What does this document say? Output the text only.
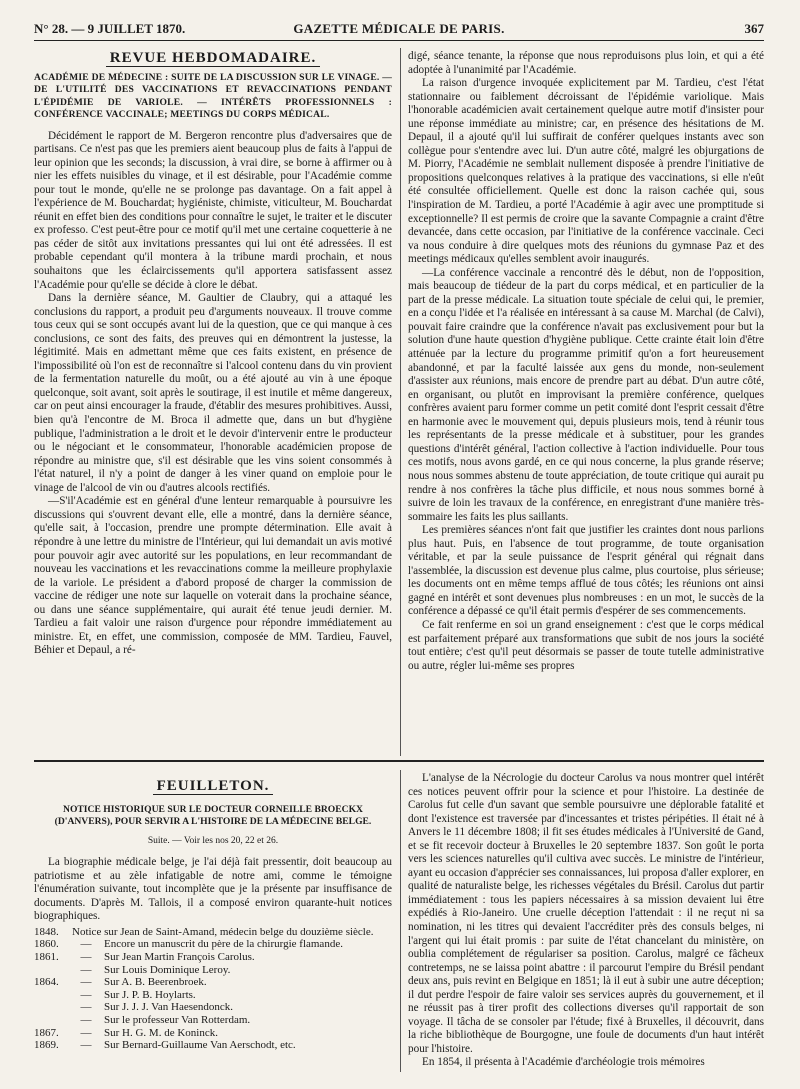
N° 28. — 9 JUILLET 1870.	GAZETTE MÉDICALE DE PARIS.	367
REVUE HEBDOMADAIRE.

ACADÉMIE DE MÉDECINE : SUITE DE LA DISCUSSION SUR LE VINAGE. — DE L'UTILITÉ DES VACCINATIONS ET REVACCINATIONS PENDANT L'ÉPIDÉMIE DE VARIOLE. — INTÉRÊTS PROFESSIONNELS : CONFÉRENCE VACCINALE; MEETINGS DU CORPS MÉDICAL.

Décidément le rapport de M. Bergeron rencontre plus d'adversaires que de partisans. Ce n'est pas que les premiers aient beaucoup plus de faits à l'appui de leur opinion que les seconds; la discussion, à vrai dire, se borne à affirmer ou à nier les effets nuisibles du vinage, et il est désirable, pour l'Académie comme pour tout le monde, qu'elle ne se prolonge pas davantage. On a fait appel à l'expérience de M. Bouchardat; hygiéniste, chimiste, viticulteur, M. Bouchardat réunit en effet bien des conditions pour connaître le sujet, le traiter et le discuter ex professo. C'est peut-être pour ce motif qu'il met une certaine coquetterie à ne pas céder de sitôt aux invitations pressantes qui lui ont été adressées. Il est probable cependant qu'il montera à la tribune mardi prochain, et nous souhaitons que les éclaircissements qu'il apportera satisfassent assez l'Académie pour qu'elle se décide à clore le débat.

Dans la dernière séance, M. Gaultier de Claubry, qui a attaqué les conclusions du rapport, a produit peu d'arguments nouveaux. Il trouve comme tous ceux qui se sont occupés avant lui de la question, que ce qui manque à ces conclusions, ce sont des faits, des preuves qui en démontrent la justesse, la légitimité. Mais en admettant même que ces faits existent, en présence de l'impossibilité où l'on est de reconnaître si l'alcool contenu dans du vin provient de la fermentation naturelle du moût, ou a été ajouté au vin à une époque quelconque, soit avant, soit après le soutirage, il est inutile et même dangereux, car on peut ainsi encourager la fraude, d'établir des mesures prohibitives. Aussi, bien qu'à l'encontre de M. Broca il admette que, dans un but d'hygiène publique, l'administration a le droit et le devoir d'intervenir entre le producteur ou le négociant et le consommateur, l'honorable académicien propose de répondre au ministre que, s'il est désirable que les vins soient consommés à l'état naturel, il n'y a point de danger à les viner quand on emploie pour le vinage de l'alcool de vin ou d'autres alcools rectifiés.

—S'il'Académie est en général d'une lenteur remarquable à poursuivre les discussions qui s'ouvrent devant elle, elle a montré, dans la dernière séance, qu'elle sait, à l'occasion, prendre une prompte détermination. Elle avait à répondre à une lettre du ministre de l'Intérieur, qui lui demandait un avis motivé pour pouvoir agir avec autorité sur les populations, en leur recommandant de nouveau les vaccinations et les revaccinations comme la meilleure prophylaxie de la variole. Le président a d'abord proposé de charger la commission de vaccine de rédiger une note sur laquelle on voterait dans la prochaine séance, ou dans une séance supplémentaire, qui aurait été tenue jeudi dernier. M. Tardieu a fait valoir une raison d'urgence pour répondre immédiatement au ministre. Et, en effet, une commission, composée de MM. Tardieu, Fauvel, Béhier et Depaul, a ré-

digé, séance tenante, la réponse que nous reproduisons plus loin, et qui a été adoptée à l'unanimité par l'Académie.

La raison d'urgence invoquée explicitement par M. Tardieu, c'est l'état stationnaire ou faiblement décroissant de l'épidémie variolique. Mais l'honorable académicien avait certainement quelque autre motif d'insister pour une réponse immédiate au ministre; car, en présence des hésitations de M. Depaul, il a ajouté qu'il lui suffirait de conférer quelques instants avec son collègue pour s'entendre avec lui. D'un autre côté, malgré les objurgations de M. Piorry, l'Académie ne semblait nullement disposée à prendre l'initiative de propositions quelconques relatives à la pratique des vaccinations, si elle n'eût été consultée officiellement. Quelle est donc la raison cachée qui, sous l'inspiration de M. Tardieu, a porté l'Académie à agir avec une promptitude si exceptionnelle? Il est permis de croire que la savante Compagnie a craint d'être devancée, dans cette occasion, par l'initiative de la conférence vaccinale. Ceci va nous conduire à dire quelques mots des réunions du gymnase Paz et des meetings médicaux qu'elles semblent avoir inaugurés.

—La conférence vaccinale a rencontré dès le début, non de l'opposition, mais beaucoup de tiédeur de la part du corps médical, et en particulier de la part de la presse médicale. La situation toute spéciale de celui qui, le premier, en a conçu l'idée et l'a réalisée en intéressant à sa cause M. Marchal (de Calvi), pouvait faire craindre que la conférence n'avait pas exclusivement pour but la solution d'une haute question d'hygiène publique. Cette crainte était loin d'être atténuée par la lecture du programme primitif qu'on a fort heureusement abandonné, et par la faculté laissée aux gens du monde, non-seulement d'assister aux réunions, mais encore de prendre part au débat. D'un autre côté, en organisant, ou plutôt en improvisant la première conférence, quelques confrères avaient paru former comme un petit comité dont l'esprit cessait d'être en harmonie avec le mouvement qui, depuis plusieurs mois, tend à réunir tous les représentants de la presse médicale et à substituer, pour les grandes questions d'intérêt général, l'action collective à l'action individuelle. Pour tous ces motifs, nous avons gardé, en ce qui nous concerne, la plus grande réserve; nous nous sommes abstenu de toute appréciation, de toute critique qui aurait pu rendre à nos confrères la tâche plus difficile, et nous nous sommes borné à suivre de loin les travaux de la conférence, en enregistrant d'une manière très-sommaire les faits les plus saillants.

Les premières séances n'ont fait que justifier les craintes dont nous parlions plus haut. Puis, en l'absence de tout programme, de toute organisation véritable, et par la seule puissance de l'esprit général qui régnait dans l'assemblée, la discussion est devenue plus calme, plus courtoise, plus sérieuse; les documents ont en même temps afflué de tous côtés; les réunions ont ainsi gagné en intérêt et sont devenues plus nombreuses : en un mot, le succès de la conférence a dépassé ce qu'il était permis d'espérer de ses commencements.

Ce fait renferme en soi un grand enseignement : c'est que le corps médical est parfaitement préparé aux transformations que subit de nos jours la société tout entière; c'est qu'il peut désormais se passer de toute tutelle administrative ou autre, régler lui-même ses propres

FEUILLETON.
NOTICE HISTORIQUE SUR LE DOCTEUR CORNEILLE BROECKX (D'ANVERS), POUR SERVIR A L'HISTOIRE DE LA MÉDECINE BELGE.
Suite. — Voir les nos 20, 22 et 26.

La biographie médicale belge, je l'ai déjà fait pressentir, doit beaucoup au patriotisme et au zèle infatigable de notre ami, comme le témoigne l'énumération suivante, tout incomplète que je la présente par insuffisance de documents. D'après M. Tallois, il a composé environ quarante-huit notices biographiques.

1848.	Notice sur Jean de Saint-Amand, médecin belge du douzième siècle.
1860.	—	Encore un manuscrit du père de la chirurgie flamande.
1861.	—	Sur Jean Martin François Carolus.
—	Sur Louis Dominique Leroy.
1864.	—	Sur A. B. Beerenbroek.
—	Sur J. P. B. Hoylarts.
—	Sur J. J. J. Van Haesendonck.
—	Sur le professeur Van Rotterdam.
1867.	—	Sur H. G. M. de Koninck.
1869.	—	Sur Bernard-Guillaume Van Aerschodt, etc.

L'analyse de la Nécrologie du docteur Carolus va nous montrer quel intérêt ces notices peuvent offrir pour la science et pour l'histoire. La destinée de Carolus fut celle d'un savant que semble poursuivre une déplorable fatalité et dont l'existence est traversée par d'incessantes et tristes péripéties. Il était né à Anvers le 11 décembre 1808; il fit ses études médicales à l'Université de Gand, et se fit recevoir docteur à Bruxelles le 20 septembre 1837. Son goût le porta vers les sciences naturelles qu'il cultiva avec succès. Le ministre de l'intérieur, ayant eu occasion d'apprécier ses connaissances, lui proposa d'aller explorer, en qualité de naturaliste belge, les richesses végétales du Brésil. Carolus dut partir immédiatement : tous les papiers nécessaires à sa mission devaient lui être expédiés à Rio-Janeiro. Une cruelle déception l'attendait : il ne reçut ni sa nomination, ni les titres qui devaient l'accréditer près des consuls belges, ni l'argent qui lui était promis : par suite de l'état chancelant du ministère, on oublia complétement de régulariser sa position. Carolus, malgré ce fâcheux contretemps, ne se laissa point abattre : il parcourut l'empire du Brésil pendant deux ans, puis revint en Belgique en 1851; là il eut à subir une autre déception; il dut perdre l'espoir de faire valoir ses services auprès du gouvernement, et il ne réussit pas à tirer profit des collections diverses qu'il rapportait de son voyage. Il tâcha de se consoler par l'étude; fixé à Bruxelles, il découvrit, dans la riche bibliothèque de Bourgogne, une foule de documents d'un haut intérêt pour l'histoire.

En 1854, il présenta à l'Académie d'archéologie trois mémoires
